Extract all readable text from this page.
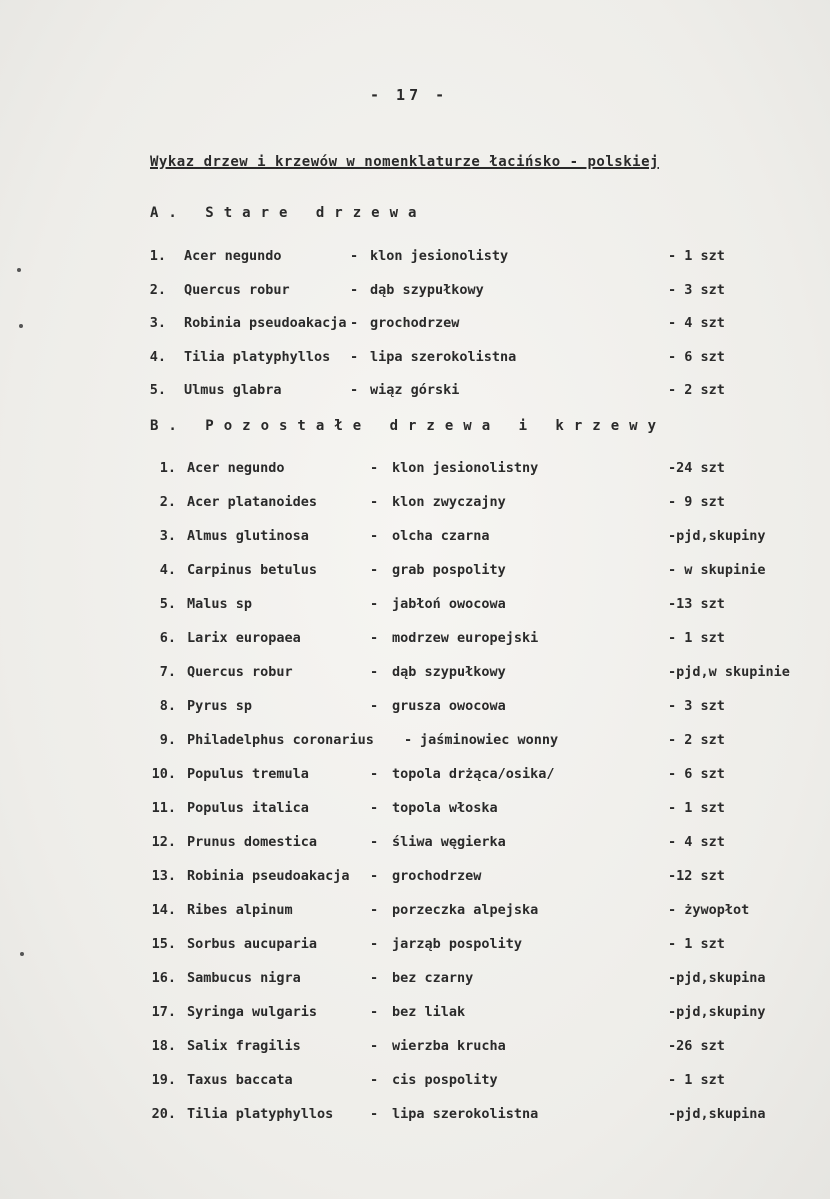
- 17 -
Wykaz drzew i krzewów w nomenklaturze łacińsko - polskiej
A. Stare drzewa
B. Pozostałe drzewa i krzewy
1. Acer negundo	- klon jesionolisty	- 1 szt
2. Quercus robur	- dąb szypułkowy	- 3 szt
3. Robinia pseudoakacja - grochodrzew	- 4 szt
4. Tilia platyphyllos - lipa szerokolistna	- 6 szt
5. Ulmus glabra	- wiąz górski	- 2 szt
1. Acer negundo	- klon jesionolistny	-24 szt
2. Acer platanoides	- klon zwyczajny	- 9 szt
3. Almus glutinosa	- olcha czarna	-pjd,skupiny
4. Carpinus betulus	- grab pospolity	- w skupinie
5. Malus sp	- jabłoń owocowa	-13 szt
6. Larix europaea	- modrzew europejski	- 1 szt
7. Quercus robur	- dąb szypułkowy	-pjd,w skupinie
8. Pyrus sp	- grusza owocowa	- 3 szt
9. Philadelphus coronarius - jaśminowiec wonny	- 2 szt
10. Populus tremula	- topola drżąca/osika/	- 6 szt
11. Populus italica	- topola włoska	- 1 szt
12. Prunus domestica	- śliwa węgierka	- 4 szt
13. Robinia pseudoakacja - grochodrzew	-12 szt
14. Ribes alpinum	- porzeczka alpejska	- żywopłot
15. Sorbus aucuparia	- jarząb pospolity	- 1 szt
16. Sambucus nigra	- bez czarny	-pjd,skupina
17. Syringa wulgaris	- bez lilak	-pjd,skupiny
18. Salix fragilis	- wierzba krucha	-26 szt
19. Taxus baccata	- cis pospolity	- 1 szt
20. Tilia platyphyllos	- lipa szerokolistna	-pjd,skupina
